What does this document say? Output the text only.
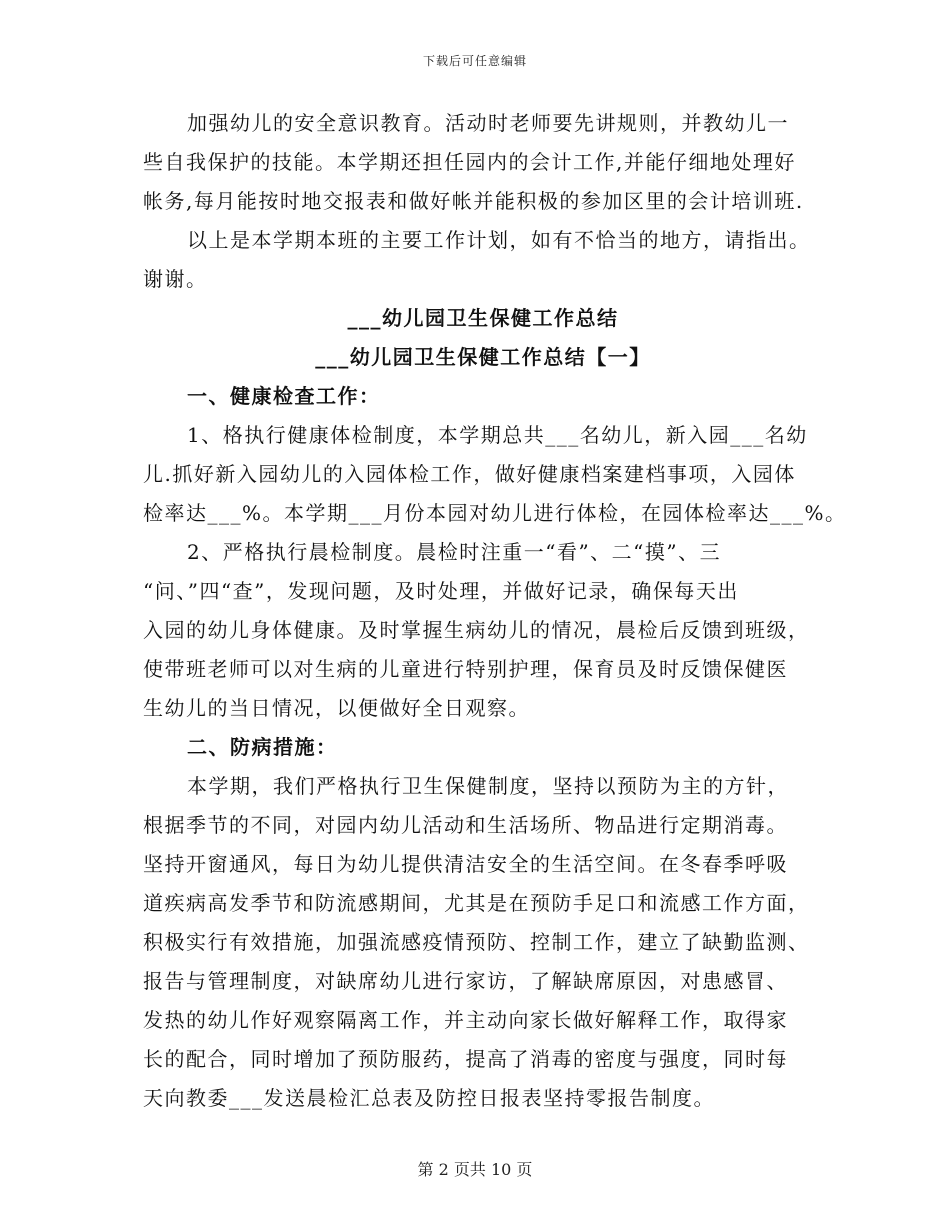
下载后可任意编辑
加强幼儿的安全意识教育。活动时老师要先讲规则，并教幼儿一
些自我保护的技能。本学期还担任园内的会计工作,并能仔细地处理好
帐务,每月能按时地交报表和做好帐并能积极的参加区里的会计培训班.
以上是本学期本班的主要工作计划，如有不恰当的地方，请指出。
谢谢。
___幼儿园卫生保健工作总结
___幼儿园卫生保健工作总结【一】
一、健康检查工作：
1、格执行健康体检制度，本学期总共___名幼儿，新入园___名幼
儿.抓好新入园幼儿的入园体检工作，做好健康档案建档事项，入园体
检率达___%。本学期___月份本园对幼儿进行体检，在园体检率达___%。
2、严格执行晨检制度。晨检时注重一“看”、二“摸”、三
“问、”四“查”，发现问题，及时处理，并做好记录，确保每天出
入园的幼儿身体健康。及时掌握生病幼儿的情况，晨检后反馈到班级，
使带班老师可以对生病的儿童进行特别护理，保育员及时反馈保健医
生幼儿的当日情况，以便做好全日观察。
二、防病措施：
本学期，我们严格执行卫生保健制度，坚持以预防为主的方针，
根据季节的不同，对园内幼儿活动和生活场所、物品进行定期消毒。
坚持开窗通风，每日为幼儿提供清洁安全的生活空间。在冬春季呼吸
道疾病高发季节和防流感期间，尤其是在预防手足口和流感工作方面，
积极实行有效措施，加强流感疫情预防、控制工作，建立了缺勤监测、
报告与管理制度，对缺席幼儿进行家访，了解缺席原因，对患感冒、
发热的幼儿作好观察隔离工作，并主动向家长做好解释工作，取得家
长的配合，同时增加了预防服药，提高了消毒的密度与强度，同时每
天向教委___发送晨检汇总表及防控日报表坚持零报告制度。
第 2 页共 10 页
